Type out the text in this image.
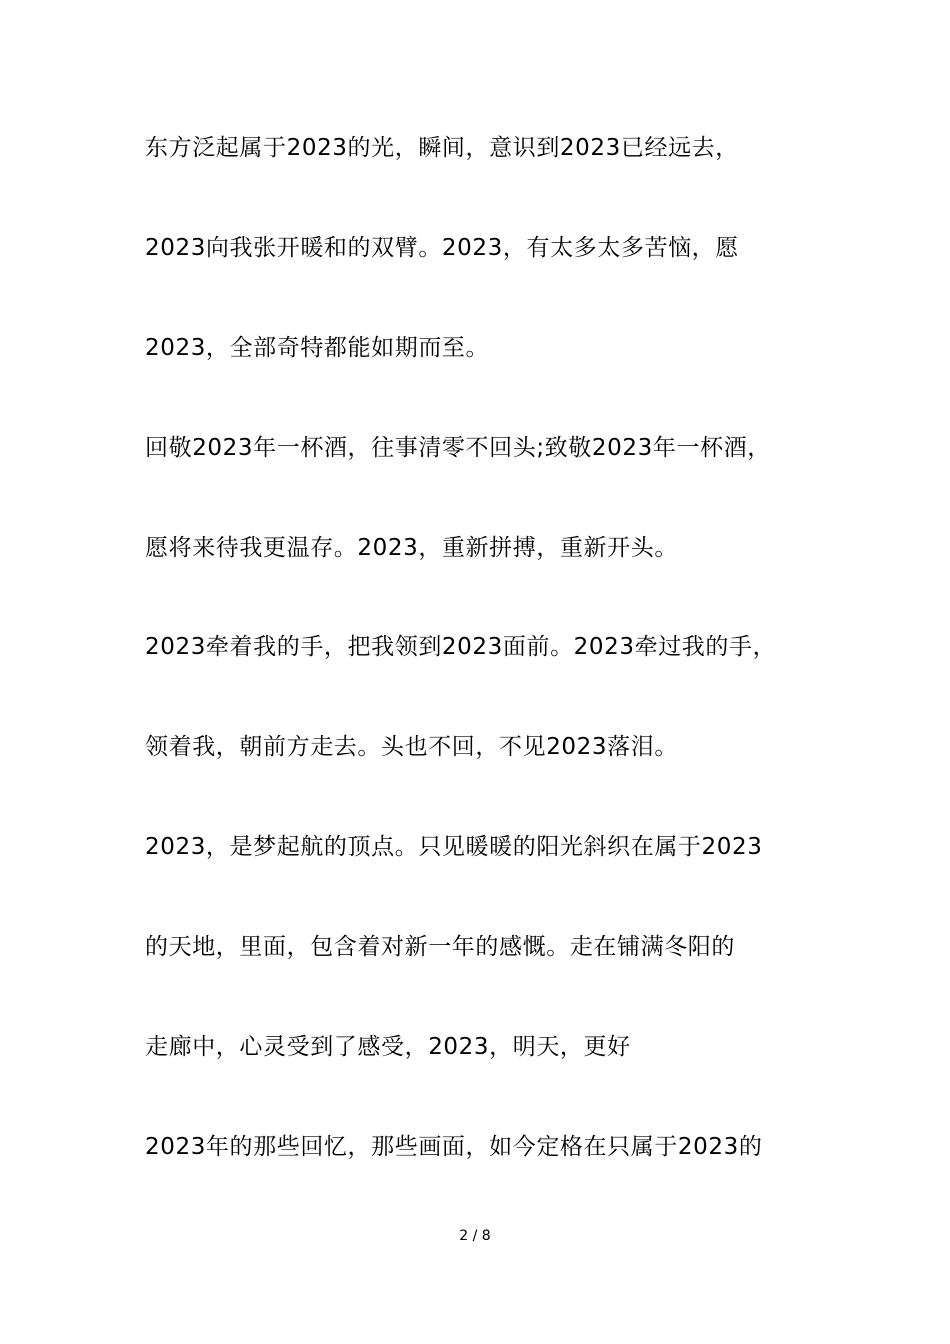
东方泛起属于2023的光，瞬间，意识到2023已经远去，
2023向我张开暖和的双臂。2023，有太多太多苦恼，愿
2023，全部奇特都能如期而至。
回敬2023年一杯酒，往事清零不回头;致敬2023年一杯酒，
愿将来待我更温存。2023，重新拼搏，重新开头。
2023牵着我的手，把我领到2023面前。2023牵过我的手，
领着我，朝前方走去。头也不回，不见2023落泪。
2023，是梦起航的顶点。只见暖暖的阳光斜织在属于2023
的天地，里面，包含着对新一年的感慨。走在铺满冬阳的
走廊中，心灵受到了感受，2023，明天，更好
2023年的那些回忆，那些画面，如今定格在只属于2023的
2 / 8
